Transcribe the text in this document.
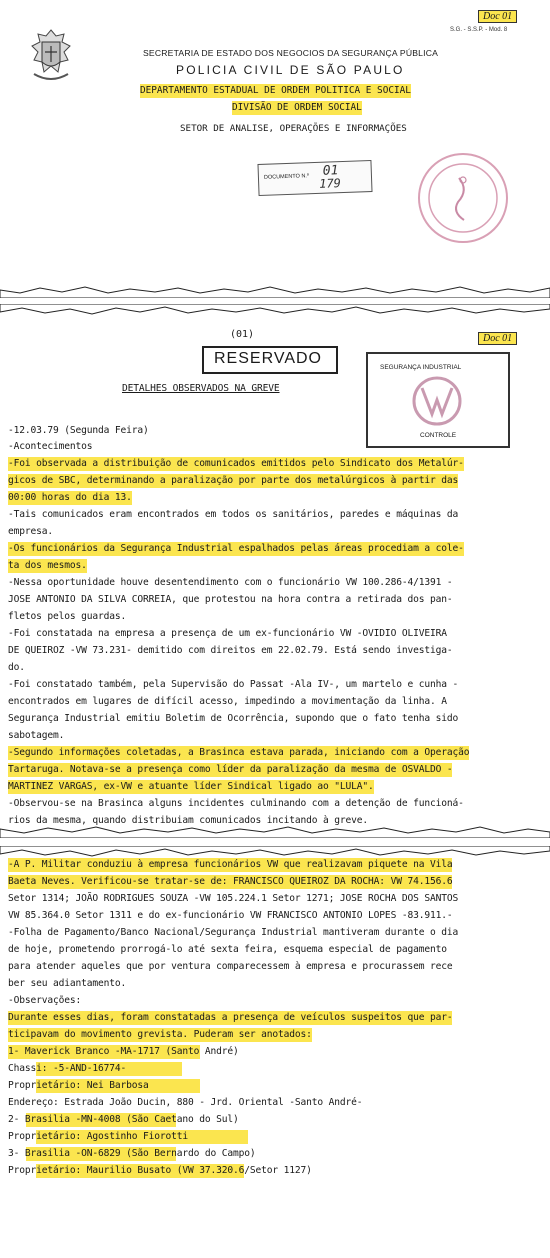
Doc 01
S.G. - S.S.P. - Mod. 8
SECRETARIA DE ESTADO DOS NEGOCIOS DA SEGURANÇA PÚBLICA
POLICIA CIVIL DE SÃO PAULO
DEPARTAMENTO ESTADUAL DE ORDEM POLITICA E SOCIAL
DIVISÃO DE ORDEM SOCIAL
SETOR DE ANALISE, OPERAÇÕES E INFORMAÇÕES
DOCUMENTO N.º 01
179
Doc 01
(01)
RESERVADO
SEGURANÇA INDUSTRIAL
CONTROLE
DETALHES OBSERVADOS NA GREVE
-12.03.79 (Segunda Feira)
-Acontecimentos
-Foi observada a distribuição de comunicados emitidos pelo Sindicato dos Metalúr-
gicos de SBC, determinando a paralização por parte dos metalúrgicos à partir das
00:00 horas do dia 13.
-Tais comunicados eram encontrados em todos os sanitários, paredes e máquinas da
empresa.
-Os funcionários da Segurança Industrial espalhados pelas áreas procediam a cole-
ta dos mesmos.
-Nessa oportunidade houve desentendimento com o funcionário VW 100.286-4/1391 -
JOSE ANTONIO DA SILVA CORREIA, que protestou na hora contra a retirada dos pan-
fletos pelos guardas.
-Foi constatada na empresa a presença de um ex-funcionário VW -OVIDIO OLIVEIRA
DE QUEIROZ -VW 73.231- demitido com direitos em 22.02.79. Está sendo investiga-
do.
-Foi constatado também, pela Supervisão do Passat -Ala IV-, um martelo e cunha -
encontrados em lugares de difícil acesso, impedindo a movimentação da linha. A
Segurança Industrial emitiu Boletim de Ocorrência, supondo que o fato tenha sido
sabotagem.
-Segundo informações coletadas, a Brasinca estava parada, iniciando com a Operação
Tartaruga. Notava-se a presença como líder da paralização da mesma de OSVALDO -
MARTINEZ VARGAS, ex-VW e atuante líder Sindical ligado ao "LULA".
-Observou-se na Brasinca alguns incidentes culminando com a detenção de funcioná-
rios da mesma, quando distribuiam comunicados incitando à greve.
-A P. Militar conduziu à empresa funcionários VW que realizavam piquete na Vila
Baeta Neves. Verificou-se tratar-se de: FRANCISCO QUEIROZ DA ROCHA: VW 74.156.6
Setor 1314; JOÃO RODRIGUES SOUZA -VW 105.224.1 Setor 1271; JOSE ROCHA DOS SANTOS
VW 85.364.0 Setor 1311 e do ex-funcionário VW FRANCISCO ANTONIO LOPES -83.911.-
-Folha de Pagamento/Banco Nacional/Segurança Industrial mantiveram durante o dia
de hoje, prometendo prorrogá-lo até sexta feira, esquema especial de pagamento
para atender aqueles que por ventura comparecessem à empresa e procurassem rece
ber seu adiantamento.
-Observações:
Durante esses dias, foram constatadas a presença de veículos suspeitos que par-
ticipavam do movimento grevista. Puderam ser anotados:
1- Maverick Branco -MA-1717 (Santo André)
Chassi: -5-AND-16774-
Proprietário: Nei Barbosa
Endereço: Estrada João Ducin, 880 - Jrd. Oriental -Santo André-
2- Brasilia -MN-4008 (São Caetano do Sul)
Proprietário: Agostinho Fiorotti
3- Brasilia -ON-6829 (São Bernardo do Campo)
Proprietário: Maurilio Busato (VW 37.320.6/Setor 1127)
